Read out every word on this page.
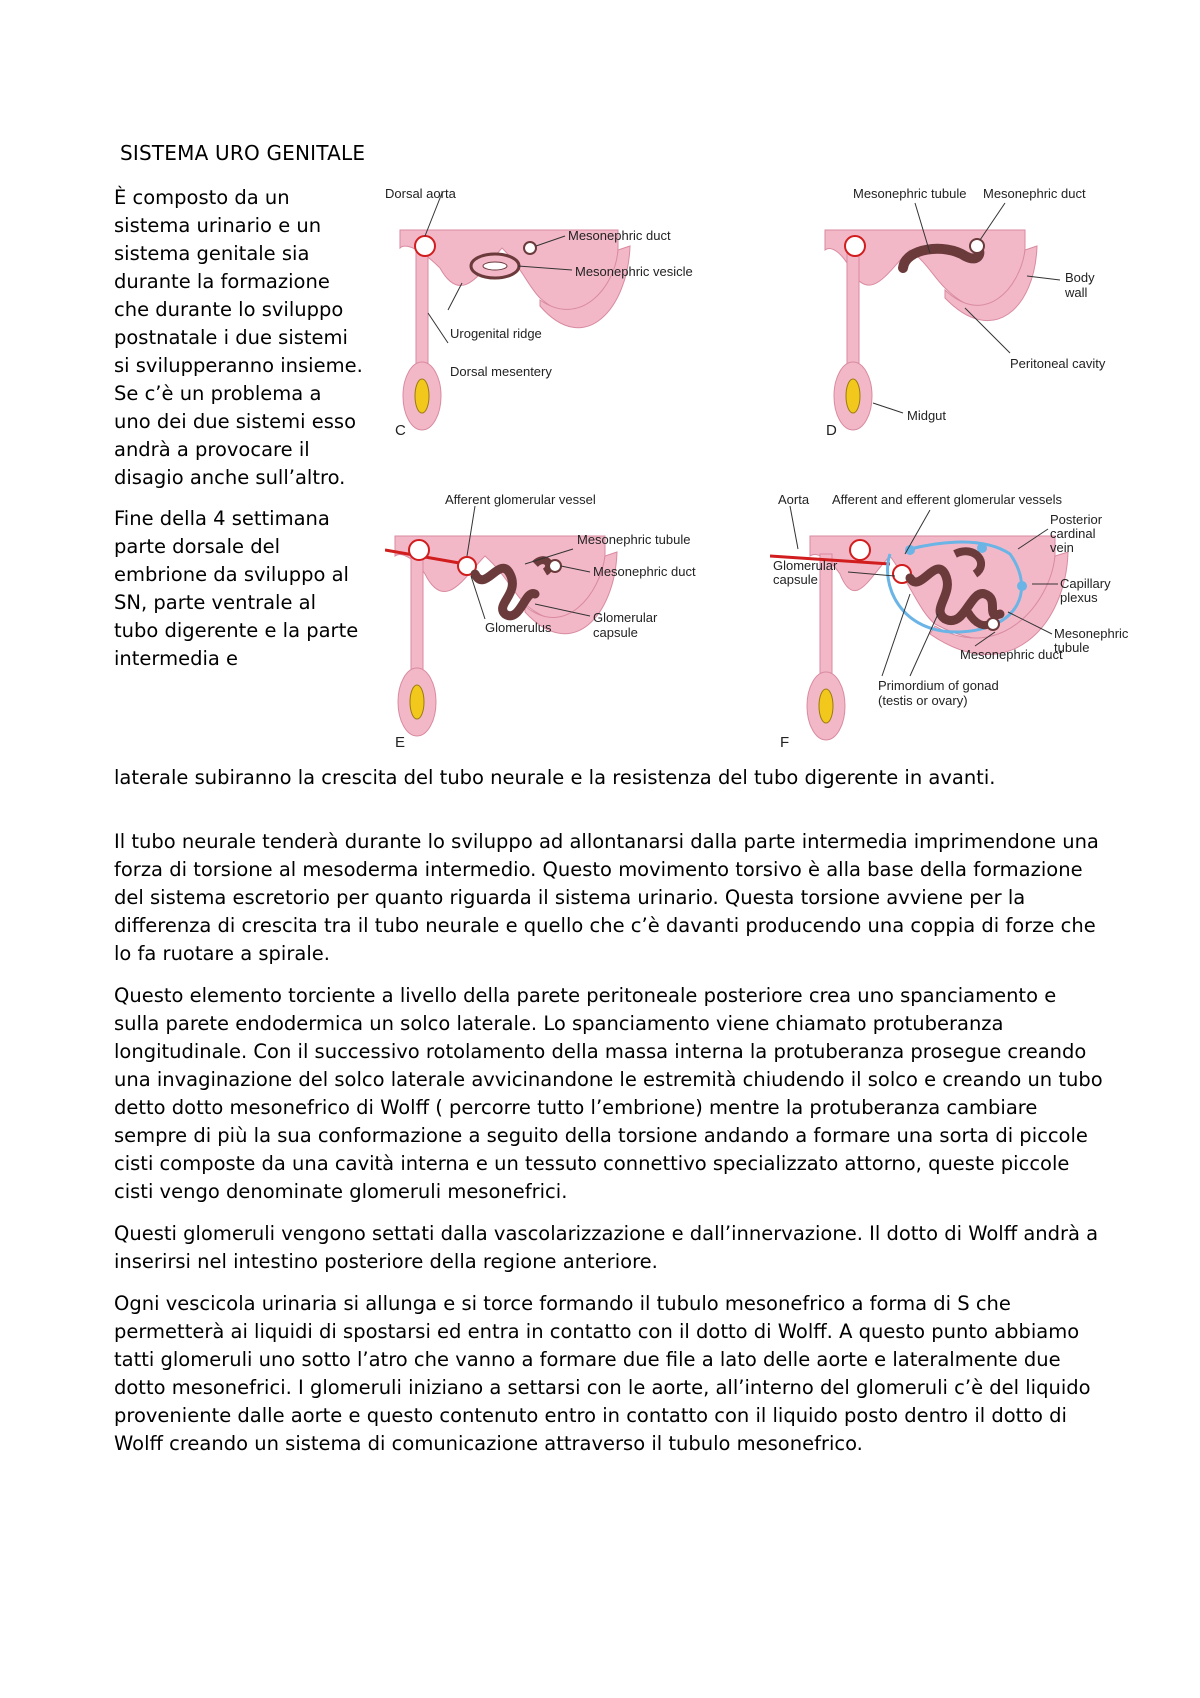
SISTEMA URO GENITALE

È composto da un sistema urinario e un sistema genitale sia durante la formazione che durante lo sviluppo postnatale i due sistemi si svilupperanno insieme. Se c’è un problema a uno dei due sistemi esso andrà a provocare il disagio anche sull’altro.

Fine della 4 settimana parte dorsale del embrione da sviluppo al SN, parte ventrale al tubo digerente e la parte intermedia e

laterale subiranno la crescita del tubo neurale e la resistenza del tubo digerente in avanti.

Il tubo neurale tenderà durante lo sviluppo ad allontanarsi dalla parte intermedia imprimendone una forza di torsione al mesoderma intermedio. Questo movimento torsivo è alla base della formazione del sistema escretorio per quanto riguarda il sistema urinario. Questa torsione avviene per la differenza di crescita tra il tubo neurale e quello che c’è davanti producendo una coppia di forze che lo fa ruotare a spirale.

Questo elemento torciente a livello della parete peritoneale posteriore crea uno spanciamento e sulla parete endodermica un solco laterale. Lo spanciamento viene chiamato protuberanza longitudinale. Con il successivo rotolamento della massa interna la protuberanza prosegue creando una invaginazione del solco laterale avvicinandone le estremità chiudendo il solco e creando un tubo detto dotto mesonefrico di Wolff ( percorre tutto l’embrione) mentre la protuberanza cambiare sempre di più la sua conformazione a seguito della torsione andando a formare una sorta di piccole cisti composte da una cavità interna e un tessuto connettivo specializzato attorno, queste piccole cisti vengo denominate glomeruli mesonefrici.

Questi glomeruli vengono settati dalla vascolarizzazione e dall’innervazione. Il dotto di Wolff andrà a inserirsi nel intestino posteriore della regione anteriore.

Ogni vescicola urinaria si allunga e si torce formando il tubulo mesonefrico a forma di S che permetterà ai liquidi di spostarsi ed entra in contatto con il dotto di Wolff. A questo punto abbiamo tatti glomeruli uno sotto l’atro che vanno a formare due file a lato delle aorte e lateralmente due dotto mesonefrici. I glomeruli iniziano a settarsi con le aorte, all’interno del glomeruli c’è del liquido proveniente dalle aorte e questo contenuto entro in contatto con il liquido posto dentro il dotto di Wolff creando un sistema di comunicazione attraverso il tubulo mesonefrico.

Dorsal aorta
Mesonephric duct
Mesonephric vesicle
Urogenital ridge
Dorsal mesentery
C
Mesonephric tubule Mesonephric duct
Body
wall
Peritoneal cavity
Midgut
D
Afferent glomerular vessel
Mesonephric tubule
Mesonephric duct
Glomerular
capsule
Glomerulus
E
Aorta Afferent and efferent glomerular vessels
Posterior
cardinal
vein
Capillary
plexus
Glomerular
capsule
Mesonephric
tubule
Mesonephric duct
Primordium of gonad
(testis or ovary)
F
